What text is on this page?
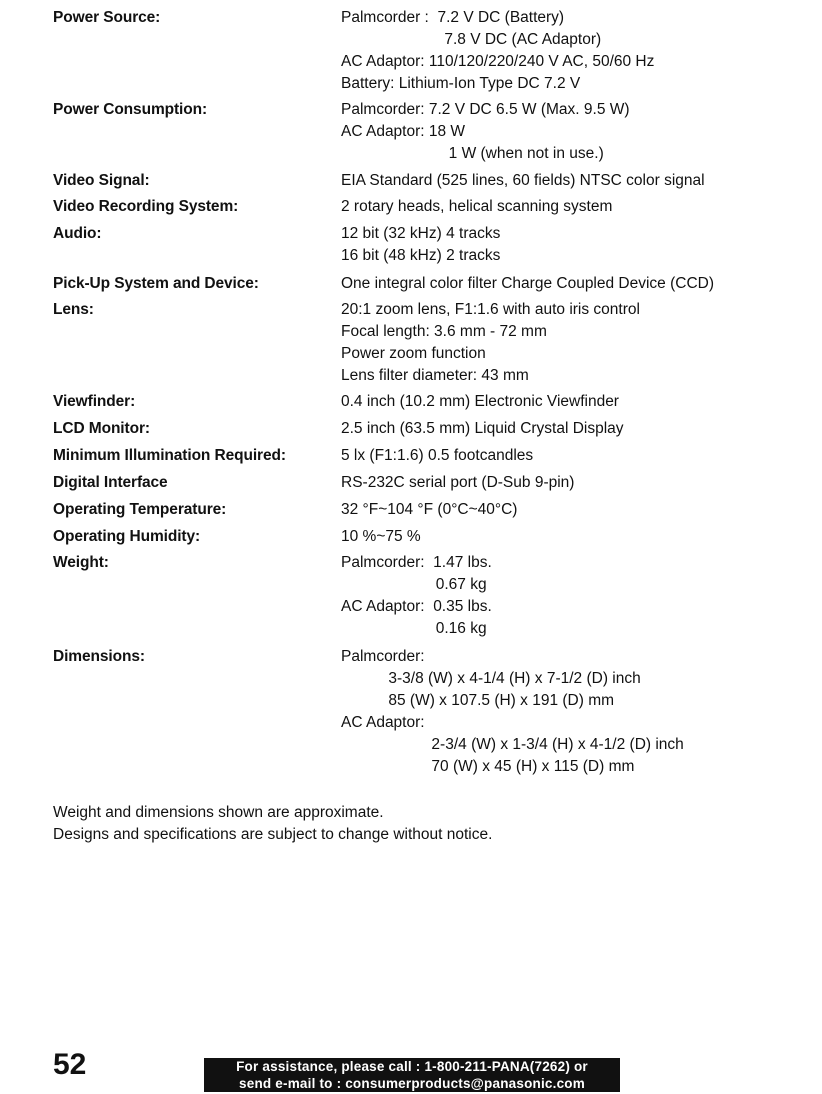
Power Source:	Palmcorder :  7.2 V DC (Battery)
7.8 V DC (AC Adaptor)
AC Adaptor: 110/120/220/240 V AC, 50/60 Hz
Battery: Lithium-Ion Type DC 7.2 V
Power Consumption:	Palmcorder: 7.2 V DC 6.5 W (Max. 9.5 W)
AC Adaptor: 18 W
1 W (when not in use.)
Video Signal:	EIA Standard (525 lines, 60 fields) NTSC color signal
Video Recording System:	2 rotary heads, helical scanning system
Audio:	12 bit (32 kHz) 4 tracks
16 bit (48 kHz) 2 tracks
Pick-Up System and Device:	One integral color filter Charge Coupled Device (CCD)
Lens:	20:1 zoom lens, F1:1.6 with auto iris control
Focal length: 3.6 mm - 72 mm
Power zoom function
Lens filter diameter: 43 mm
Viewfinder:	0.4 inch (10.2 mm) Electronic Viewfinder
LCD Monitor:	2.5 inch (63.5 mm) Liquid Crystal Display
Minimum Illumination Required:	5 lx (F1:1.6) 0.5 footcandles
Digital Interface	RS-232C serial port (D-Sub 9-pin)
Operating Temperature:	32 °F~104 °F (0°C~40°C)
Operating Humidity:	10 %~75 %
Weight:	Palmcorder:  1.47 lbs.
0.67 kg
AC Adaptor:  0.35 lbs.
0.16 kg
Dimensions:	Palmcorder:
3-3/8 (W) x 4-1/4 (H) x 7-1/2 (D) inch
85 (W) x 107.5 (H) x 191 (D) mm
AC Adaptor:
2-3/4 (W) x 1-3/4 (H) x 4-1/2 (D) inch
70 (W) x 45 (H) x 115 (D) mm
Weight and dimensions shown are approximate.
Designs and specifications are subject to change without notice.
52	For assistance, please call : 1-800-211-PANA(7262) or
send e-mail to : consumerproducts@panasonic.com
